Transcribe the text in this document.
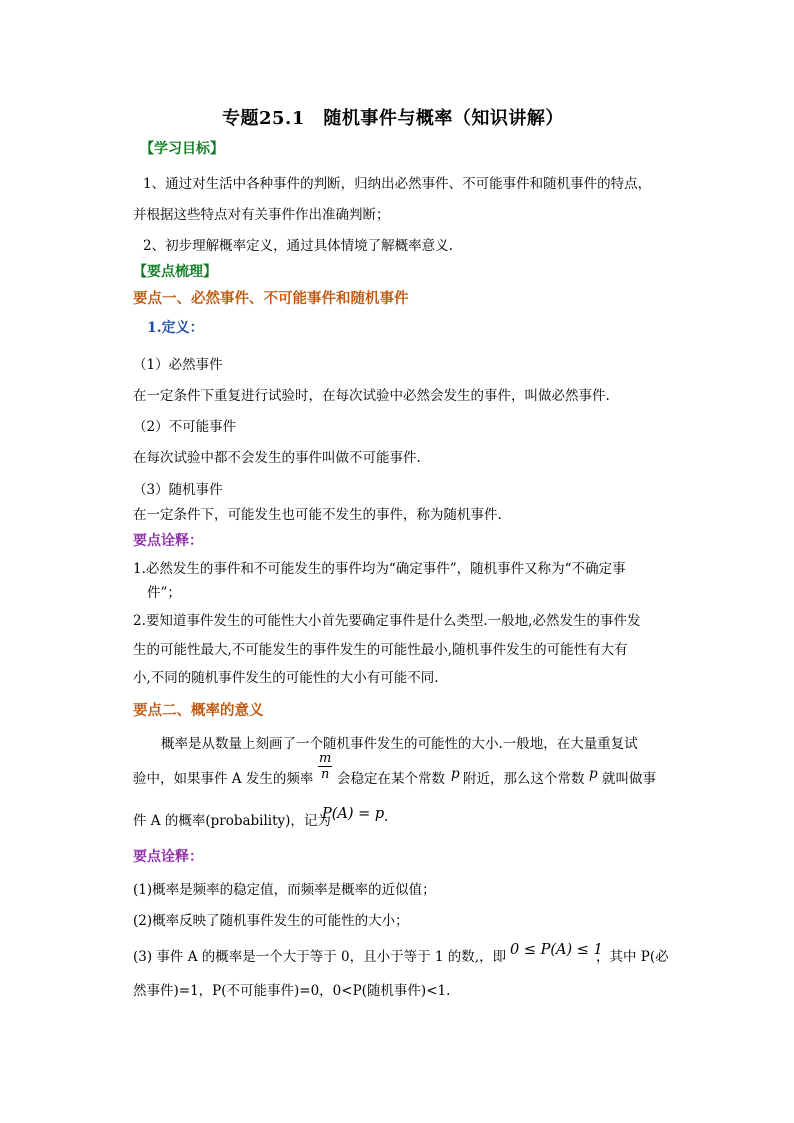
专题25.1　随机事件与概率（知识讲解）
【学习目标】
1、通过对生活中各种事件的判断，归纳出必然事件、不可能事件和随机事件的特点，
并根据这些特点对有关事件作出准确判断；
2、初步理解概率定义，通过具体情境了解概率意义.
【要点梳理】
要点一、必然事件、不可能事件和随机事件
1.定义：
（1）必然事件
在一定条件下重复进行试验时，在每次试验中必然会发生的事件，叫做必然事件.
（2）不可能事件
在每次试验中都不会发生的事件叫做不可能事件.
（3）随机事件
在一定条件下，可能发生也可能不发生的事件，称为随机事件.
要点诠释：
1.必然发生的事件和不可能发生的事件均为“确定事件”，随机事件又称为“不确定事
件”；
2.要知道事件发生的可能性大小首先要确定事件是什么类型.一般地,必然发生的事件发
生的可能性最大,不可能发生的事件发生的可能性最小,随机事件发生的可能性有大有
小,不同的随机事件发生的可能性的大小有可能不同.
要点二、概率的意义
概率是从数量上刻画了一个随机事件发生的可能性的大小.一般地，在大量重复试
验中，如果事件 A 发生的频率 $\frac{m}{n}$ 会稳定在某个常数 p 附近，那么这个常数 p 就叫做事
件 A 的概率(probability)，记为
P(A) = p .
要点诠释：
(1)概率是频率的稳定值，而频率是概率的近似值；
(2)概率反映了随机事件发生的可能性的大小；
(3) 事件 A 的概率是一个大于等于 0，且小于等于 1 的数,，即 0 ≤ P(A) ≤ 1
，其中 P(必
然事件)=1，P(不可能事件)=0，0<P(随机事件)<1.
